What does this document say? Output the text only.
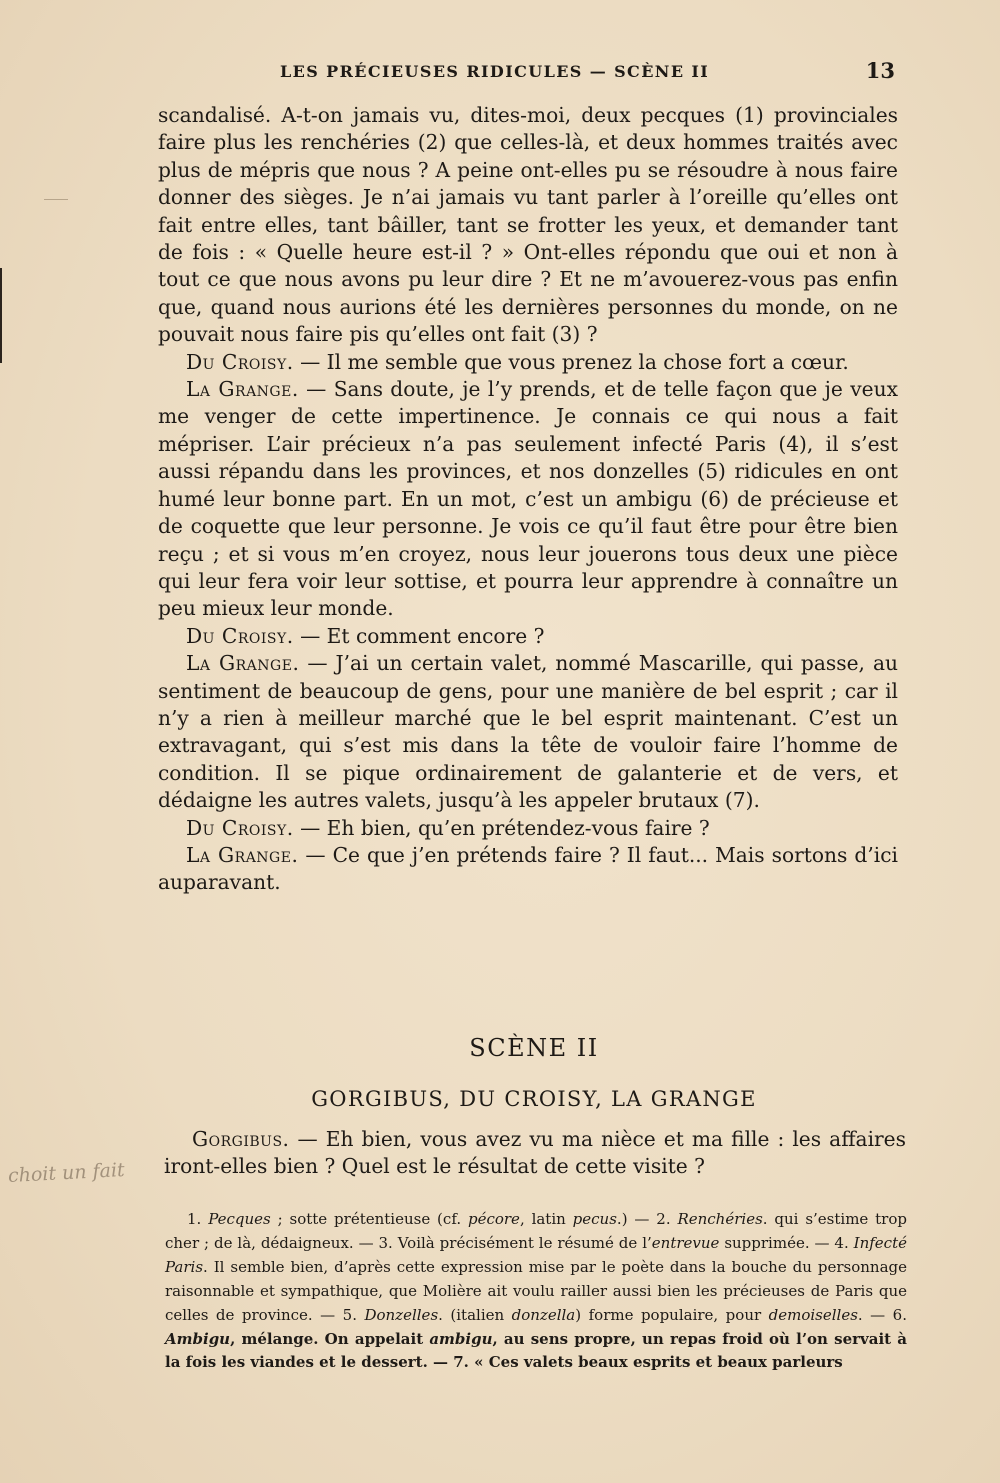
LES PRÉCIEUSES RIDICULES — SCÈNE II	13

scandalisé. A-t-on jamais vu, dites-moi, deux pecques (1) provinciales faire plus les renchéries (2) que celles-là, et deux hommes traités avec plus de mépris que nous ? A peine ont-elles pu se résoudre à nous faire donner des sièges. Je n’ai jamais vu tant parler à l’oreille qu’elles ont fait entre elles, tant bâiller, tant se frotter les yeux, et demander tant de fois : « Quelle heure est-il ? » Ont-elles répondu que oui et non à tout ce que nous avons pu leur dire ? Et ne m’avouerez-vous pas enfin que, quand nous aurions été les dernières personnes du monde, on ne pouvait nous faire pis qu’elles ont fait (3) ?

Du Croisy. — Il me semble que vous prenez la chose fort a cœur.

La Grange. — Sans doute, je l’y prends, et de telle façon que je veux me venger de cette impertinence. Je connais ce qui nous a fait mépriser. L’air précieux n’a pas seulement infecté Paris (4), il s’est aussi répandu dans les provinces, et nos donzelles (5) ridicules en ont humé leur bonne part. En un mot, c’est un ambigu (6) de précieuse et de coquette que leur personne. Je vois ce qu’il faut être pour être bien reçu ; et si vous m’en croyez, nous leur jouerons tous deux une pièce qui leur fera voir leur sottise, et pourra leur apprendre à connaître un peu mieux leur monde.

Du Croisy. — Et comment encore ?

La Grange. — J’ai un certain valet, nommé Mascarille, qui passe, au sentiment de beaucoup de gens, pour une manière de bel esprit ; car il n’y a rien à meilleur marché que le bel esprit maintenant. C’est un extravagant, qui s’est mis dans la tête de vouloir faire l’homme de condition. Il se pique ordinairement de galanterie et de vers, et dédaigne les autres valets, jusqu’à les appeler brutaux (7).

Du Croisy. — Eh bien, qu’en prétendez-vous faire ?

La Grange. — Ce que j’en prétends faire ? Il faut... Mais sortons d’ici auparavant.

SCÈNE II
GORGIBUS, DU CROISY, LA GRANGE

Gorgibus. — Eh bien, vous avez vu ma nièce et ma fille : les affaires iront-elles bien ? Quel est le résultat de cette visite ?

choit un fait

1. Pecques ; sotte prétentieuse (cf. pécore, latin pecus.) — 2. Renchéries. qui s’estime trop cher ; de là, dédaigneux. — 3. Voilà précisément le résumé de l’entrevue supprimée. — 4. Infecté Paris. Il semble bien, d’après cette expression mise par le poète dans la bouche du personnage raisonnable et sympathique, que Molière ait voulu railler aussi bien les précieuses de Paris que celles de province. — 5. Donzelles. (italien donzella) forme populaire, pour demoiselles. — 6. Ambigu, mélange. On appelait ambigu, au sens propre, un repas froid où l’on servait à la fois les viandes et le dessert. — 7. « Ces valets beaux esprits et beaux parleurs
